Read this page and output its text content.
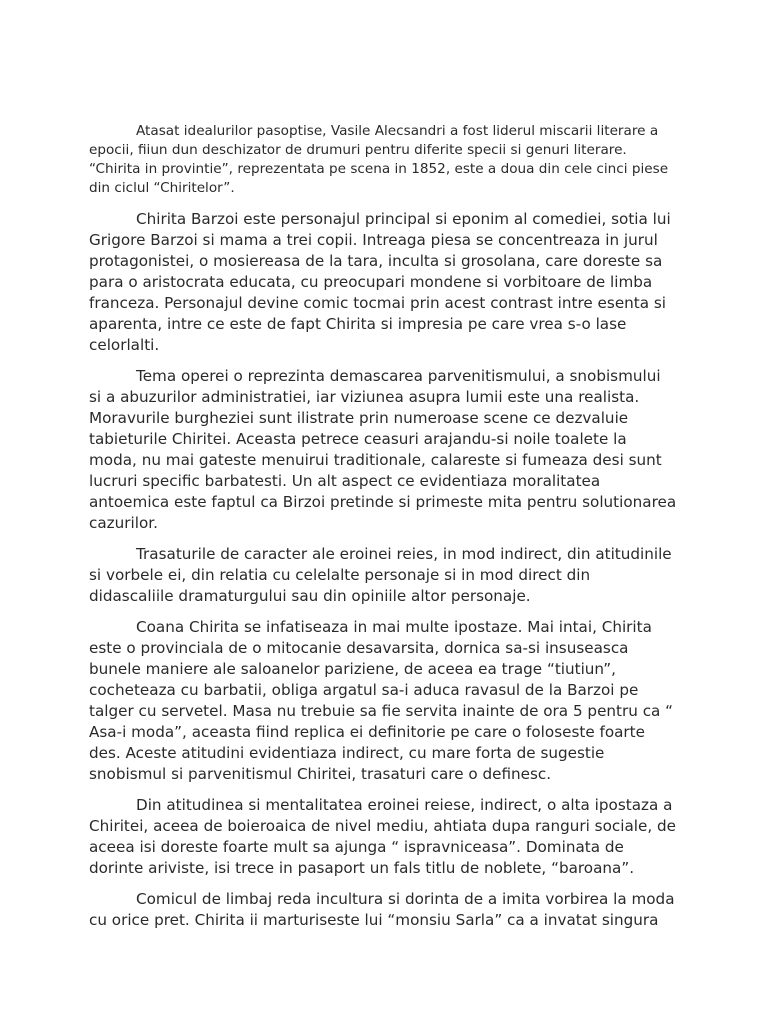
Atasat idealurilor pasoptise, Vasile Alecsandri a fost liderul miscarii literare a epocii, fiiun dun deschizator de drumuri pentru diferite specii si genuri literare. “Chirita in provintie”, reprezentata pe scena in 1852, este a doua din cele cinci piese din ciclul “Chiritelor”.

Chirita Barzoi este personajul principal si eponim al comediei, sotia lui Grigore Barzoi si mama a trei copii. Intreaga piesa se concentreaza in jurul protagonistei, o mosiereasa de la tara, inculta si grosolana, care doreste sa para o aristocrata educata, cu preocupari mondene si vorbitoare de limba franceza. Personajul devine comic tocmai prin acest contrast intre esenta si aparenta, intre ce este de fapt Chirita si impresia pe care vrea s-o lase celorlalti.

Tema operei o reprezinta demascarea parvenitismului, a snobismului si a abuzurilor administratiei, iar viziunea asupra lumii este una realista. Moravurile burgheziei sunt ilistrate prin numeroase scene ce dezvaluie tabieturile Chiritei. Aceasta petrece ceasuri arajandu-si noile toalete la moda, nu mai gateste menuirui traditionale, calareste si fumeaza desi sunt lucruri specific barbatesti. Un alt aspect ce evidentiaza moralitatea antoemica este faptul ca Birzoi pretinde si primeste mita pentru solutionarea cazurilor.

Trasaturile de caracter ale eroinei reies, in mod indirect, din atitudinile si vorbele ei, din relatia cu celelalte personaje si in mod direct din didascaliile dramaturgului sau din opiniile altor personaje.

Coana Chirita se infatiseaza in mai multe ipostaze. Mai intai, Chirita este o provinciala de o mitocanie desavarsita, dornica sa-si insuseasca bunele maniere ale saloanelor pariziene, de aceea ea trage “tiutiun”, cocheteaza cu barbatii, obliga argatul sa-i aduca ravasul de la Barzoi pe talger cu servetel. Masa nu trebuie sa fie servita inainte de ora 5 pentru ca “ Asa-i moda”, aceasta fiind replica ei definitorie pe care o foloseste foarte des. Aceste atitudini evidentiaza indirect, cu mare forta de sugestie snobismul si parvenitismul Chiritei, trasaturi care o definesc.

Din atitudinea si mentalitatea eroinei reiese, indirect, o alta ipostaza a Chiritei, aceea de boieroaica de nivel mediu, ahtiata dupa ranguri sociale, de aceea isi doreste foarte mult sa ajunga “ ispravniceasa”. Dominata de dorinte ariviste, isi trece in pasaport un fals titlu de noblete, “baroana”.

Comicul de limbaj reda incultura si dorinta de a imita vorbirea la moda cu orice pret. Chirita ii marturiseste lui “monsiu Sarla” ca a invatat singura
